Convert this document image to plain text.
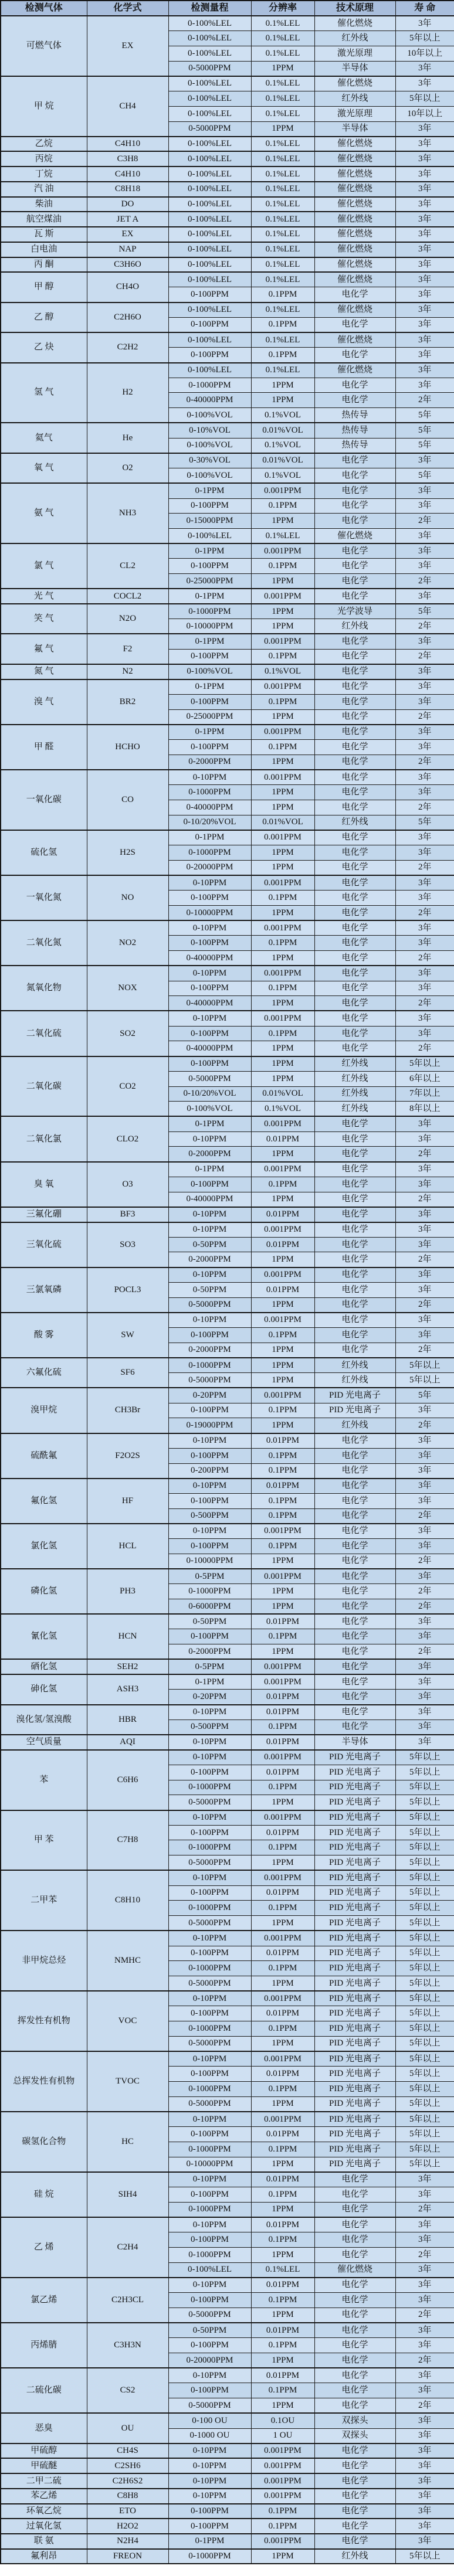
检测气体	化学式	检测量程	分辨率	技术原理	寿 命
可燃气体	EX	0-100%LEL	0.1%LEL	催化燃烧	3年
		0-100%LEL	0.1%LEL	红外线	5年以上
		0-100%LEL	0.1%LEL	激光原理	10年以上
		0-5000PPM	1PPM	半导体	3年
甲 烷	CH4	0-100%LEL	0.1%LEL	催化燃烧	3年
		0-100%LEL	0.1%LEL	红外线	5年以上
		0-100%LEL	0.1%LEL	激光原理	10年以上
		0-5000PPM	1PPM	半导体	3年
乙烷	C4H10	0-100%LEL	0.1%LEL	催化燃烧	3年
丙烷	C3H8	0-100%LEL	0.1%LEL	催化燃烧	3年
丁烷	C4H10	0-100%LEL	0.1%LEL	催化燃烧	3年
汽 油	C8H18	0-100%LEL	0.1%LEL	催化燃烧	3年
柴油	DO	0-100%LEL	0.1%LEL	催化燃烧	3年
航空煤油	JET A	0-100%LEL	0.1%LEL	催化燃烧	3年
瓦 斯	EX	0-100%LEL	0.1%LEL	催化燃烧	3年
白电油	NAP	0-100%LEL	0.1%LEL	催化燃烧	3年
丙 酮	C3H6O	0-100%LEL	0.1%LEL	催化燃烧	3年
甲 醇	CH4O	0-100%LEL	0.1%LEL	催化燃烧	3年
		0-100PPM	0.1PPM	电化学	3年
乙 醇	C2H6O	0-100%LEL	0.1%LEL	催化燃烧	3年
		0-100PPM	0.1PPM	电化学	3年
乙 炔	C2H2	0-100%LEL	0.1%LEL	催化燃烧	3年
		0-100PPM	0.1PPM	电化学	3年
氢 气	H2	0-100%LEL	0.1%LEL	催化燃烧	3年
		0-1000PPM	1PPM	电化学	3年
		0-40000PPM	1PPM	电化学	2年
		0-100%VOL	0.1%VOL	热传导	5年
氦气	He	0-10%VOL	0.01%VOL	热传导	5年
		0-100%VOL	0.1%VOL	热传导	5年
氧 气	O2	0-30%VOL	0.01%VOL	电化学	3年
		0-100%VOL	0.1%VOL	电化学	5年
氨 气	NH3	0-1PPM	0.001PPM	电化学	3年
		0-100PPM	0.1PPM	电化学	3年
		0-15000PPM	1PPM	电化学	2年
		0-100%LEL	0.1%LEL	催化燃烧	3年
氯 气	CL2	0-1PPM	0.001PPM	电化学	3年
		0-100PPM	0.1PPM	电化学	3年
		0-25000PPM	1PPM	电化学	2年
光 气	COCL2	0-1PPM	0.001PPM	电化学	3年
笑 气	N2O	0-1000PPM	1PPM	光学波导	5年
		0-10000PPM	1PPM	红外线	2年
氟 气	F2	0-1PPM	0.001PPM	电化学	3年
		0-100PPM	0.1PPM	电化学	2年
氮 气	N2	0-100%VOL	0.1%VOL	电化学	3年
溴 气	BR2	0-1PPM	0.001PPM	电化学	3年
		0-100PPM	0.1PPM	电化学	3年
		0-25000PPM	1PPM	电化学	2年
甲 醛	HCHO	0-1PPM	0.001PPM	电化学	3年
		0-100PPM	0.1PPM	电化学	3年
		0-2000PPM	1PPM	电化学	2年
一氧化碳	CO	0-10PPM	0.001PPM	电化学	3年
		0-1000PPM	1PPM	电化学	3年
		0-40000PPM	1PPM	电化学	2年
		0-10/20%VOL	0.01%VOL	红外线	5年
硫化氢	H2S	0-1PPM	0.001PPM	电化学	3年
		0-1000PPM	1PPM	电化学	3年
		0-20000PPM	1PPM	电化学	2年
一氧化氮	NO	0-10PPM	0.001PPM	电化学	3年
		0-100PPM	0.1PPM	电化学	3年
		0-10000PPM	1PPM	电化学	2年
二氧化氮	NO2	0-10PPM	0.001PPM	电化学	3年
		0-100PPM	0.1PPM	电化学	3年
		0-40000PPM	1PPM	电化学	2年
氮氧化物	NOX	0-10PPM	0.001PPM	电化学	3年
		0-100PPM	0.1PPM	电化学	3年
		0-40000PPM	1PPM	电化学	2年
二氧化硫	SO2	0-10PPM	0.001PPM	电化学	3年
		0-100PPM	0.1PPM	电化学	3年
		0-40000PPM	1PPM	电化学	2年
二氧化碳	CO2	0-100PPM	1PPM	红外线	5年以上
		0-5000PPM	1PPM	红外线	6年以上
		0-10/20%VOL	0.01%VOL	红外线	7年以上
		0-100%VOL	0.1%VOL	红外线	8年以上
二氧化氯	CLO2	0-1PPM	0.001PPM	电化学	3年
		0-10PPM	0.01PPM	电化学	3年
		0-2000PPM	1PPM	电化学	2年
臭 氧	O3	0-1PPM	0.001PPM	电化学	3年
		0-100PPM	0.1PPM	电化学	3年
		0-40000PPM	1PPM	电化学	2年
三氟化硼	BF3	0-10PPM	0.01PPM	电化学	3年
三氧化硫	SO3	0-10PPM	0.001PPM	电化学	3年
		0-50PPM	0.01PPM	电化学	3年
		0-2000PPM	1PPM	电化学	2年
三氯氧磷	POCL3	0-10PPM	0.001PPM	电化学	3年
		0-50PPM	0.01PPM	电化学	3年
		0-5000PPM	1PPM	电化学	2年
酸 雾	SW	0-10PPM	0.001PPM	电化学	3年
		0-100PPM	0.1PPM	电化学	3年
		0-2000PPM	1PPM	电化学	2年
六氟化硫	SF6	0-1000PPM	1PPM	红外线	5年以上
		0-5000PPM	1PPM	红外线	5年以上
溴甲烷	CH3Br	0-20PPM	0.001PPM	PID 光电离子	5年
		0-100PPM	0.1PPM	PID 光电离子	3年
		0-19000PPM	1PPM	红外线	2年
硫酰氟	F2O2S	0-10PPM	0.01PPM	电化学	3年
		0-100PPM	0.1PPM	电化学	3年
		0-200PPM	0.1PPM	电化学	3年
氟化氢	HF	0-10PPM	0.01PPM	电化学	3年
		0-100PPM	0.1PPM	电化学	3年
		0-500PPM	0.1PPM	电化学	2年
氯化氢	HCL	0-10PPM	0.001PPM	电化学	3年
		0-100PPM	0.1PPM	电化学	3年
		0-10000PPM	1PPM	电化学	2年
磷化氢	PH3	0-5PPM	0.001PPM	电化学	3年
		0-1000PPM	1PPM	电化学	2年
		0-6000PPM	1PPM	电化学	2年
氰化氢	HCN	0-50PPM	0.01PPM	电化学	3年
		0-100PPM	0.1PPM	电化学	3年
		0-2000PPM	1PPM	电化学	2年
硒化氢	SEH2	0-5PPM	0.001PPM	电化学	3年
砷化氢	ASH3	0-1PPM	0.001PPM	电化学	3年
		0-20PPM	0.01PPM	电化学	3年
溴化氢/氢溴酸	HBR	0-10PPM	0.01PPM	电化学	3年
		0-500PPM	0.1PPM	电化学	3年
空气质量	AQI	0-10PPM	0.01PPM	半导体	3年
苯	C6H6	0-10PPM	0.001PPM	PID 光电离子	5年以上
		0-100PPM	0.01PPM	PID 光电离子	5年以上
		0-1000PPM	0.1PPM	PID 光电离子	5年以上
		0-5000PPM	1PPM	PID 光电离子	5年以上
甲 苯	C7H8	0-10PPM	0.001PPM	PID 光电离子	5年以上
		0-100PPM	0.01PPM	PID 光电离子	5年以上
		0-1000PPM	0.1PPM	PID 光电离子	5年以上
		0-5000PPM	1PPM	PID 光电离子	5年以上
二甲苯	C8H10	0-10PPM	0.001PPM	PID 光电离子	5年以上
		0-100PPM	0.01PPM	PID 光电离子	5年以上
		0-1000PPM	0.1PPM	PID 光电离子	5年以上
		0-5000PPM	1PPM	PID 光电离子	5年以上
非甲烷总烃	NMHC	0-10PPM	0.001PPM	PID 光电离子	5年以上
		0-100PPM	0.01PPM	PID 光电离子	5年以上
		0-1000PPM	0.1PPM	PID 光电离子	5年以上
		0-5000PPM	1PPM	PID 光电离子	5年以上
挥发性有机物	VOC	0-10PPM	0.001PPM	PID 光电离子	5年以上
		0-100PPM	0.01PPM	PID 光电离子	5年以上
		0-1000PPM	0.1PPM	PID 光电离子	5年以上
		0-5000PPM	1PPM	PID 光电离子	5年以上
总挥发性有机物	TVOC	0-10PPM	0.001PPM	PID 光电离子	5年以上
		0-100PPM	0.01PPM	PID 光电离子	5年以上
		0-1000PPM	0.1PPM	PID 光电离子	5年以上
		0-5000PPM	1PPM	PID 光电离子	5年以上
碳氢化合物	HC	0-10PPM	0.001PPM	PID 光电离子	5年以上
		0-100PPM	0.01PPM	PID 光电离子	5年以上
		0-1000PPM	0.1PPM	PID 光电离子	5年以上
		0-10000PPM	1PPM	PID 光电离子	5年以上
硅 烷	SIH4	0-10PPM	0.01PPM	电化学	3年
		0-100PPM	0.1PPM	电化学	3年
		0-1000PPM	1PPM	电化学	2年
乙 烯	C2H4	0-10PPM	0.01PPM	电化学	3年
		0-100PPM	0.1PPM	电化学	3年
		0-1000PPM	1PPM	电化学	2年
		0-100%LEL	0.1%LEL	催化燃烧	3年
氯乙烯	C2H3CL	0-10PPM	0.01PPM	电化学	3年
		0-100PPM	0.1PPM	电化学	3年
		0-5000PPM	1PPM	电化学	2年
丙烯腈	C3H3N	0-50PPM	0.01PPM	电化学	3年
		0-100PPM	0.1PPM	电化学	3年
		0-20000PPM	1PPM	电化学	2年
二硫化碳	CS2	0-10PPM	0.01PPM	电化学	3年
		0-100PPM	0.1PPM	电化学	3年
		0-5000PPM	1PPM	电化学	2年
恶臭	OU	0-100 OU	0.1OU	双探头	3年
		0-1000 OU	1 OU	双探头	3年
甲硫醇	CH4S	0-10PPM	0.001PPM	电化学	3年
甲硫醚	C2SH6	0-10PPM	0.001PPM	电化学	3年
二甲二硫	C2H6S2	0-10PPM	0.001PPM	电化学	3年
苯乙烯	C8H8	0-10PPM	0.001PPM	电化学	3年
环氧乙烷	ETO	0-100PPM	0.1PPM	电化学	3年
过氧化氢	H2O2	0-100PPM	0.1PPM	电化学	3年
联 氨	N2H4	0-1PPM	0.001PPM	电化学	3年
氟利昂	FREON	0-1000PPM	1PPM	红外线	5年以上
